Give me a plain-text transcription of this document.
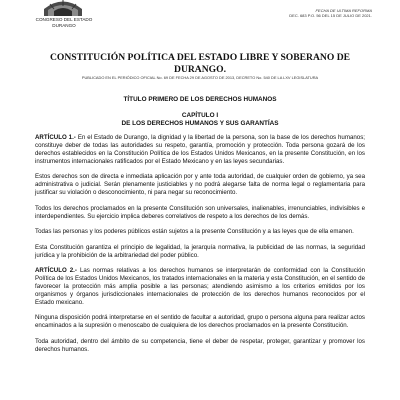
CONGRESO DEL ESTADO
DURANGO
FECHA DE ULTIMA REFORMA
DEC. 683 P.O. 56 DEL 15 DE JULIO DE 2021.
CONSTITUCIÓN POLÍTICA DEL ESTADO LIBRE Y SOBERANO DE
DURANGO.
PUBLICADO EN EL PERIÓDICO OFICIAL No. 69 DE FECHA 29 DE AGOSTO DE 2013, DECRETO No. 540 DE LA LXV LEGISLATURA
TÍTULO PRIMERO DE LOS DERECHOS HUMANOS
CAPÍTULO I
DE LOS DERECHOS HUMANOS Y SUS GARANTÍAS

ARTÍCULO 1.- En el Estado de Durango, la dignidad y la libertad de la persona, son la base de los derechos humanos; constituye deber de todas las autoridades su respeto, garantía, promoción y protección. Toda persona gozará de los derechos establecidos en la Constitución Política de los Estados Unidos Mexicanos, en la presente Constitución, en los instrumentos internacionales ratificados por el Estado Mexicano y en las leyes secundarias.

Estos derechos son de directa e inmediata aplicación por y ante toda autoridad, de cualquier orden de gobierno, ya sea administrativa o judicial. Serán plenamente justiciables y no podrá alegarse falta de norma legal o reglamentaria para justificar su violación o desconocimiento, ni para negar su reconocimiento.

Todos los derechos proclamados en la presente Constitución son universales, inalienables, irrenunciables, indivisibles e interdependientes. Su ejercicio implica deberes correlativos de respeto a los derechos de los demás.

Todas las personas y los poderes públicos están sujetos a la presente Constitución y a las leyes que de ella emanen.

Esta Constitución garantiza el principio de legalidad, la jerarquía normativa, la publicidad de las normas, la seguridad jurídica y la prohibición de la arbitrariedad del poder público.

ARTÍCULO 2.- Las normas relativas a los derechos humanos se interpretarán de conformidad con la Constitución Política de los Estados Unidos Mexicanos, los tratados internacionales en la materia y esta Constitución, en el sentido de favorecer la protección más amplia posible a las personas; atendiendo asimismo a los criterios emitidos por los organismos y órganos jurisdiccionales internacionales de protección de los derechos humanos reconocidos por el Estado mexicano.

Ninguna disposición podrá interpretarse en el sentido de facultar a autoridad, grupo o persona alguna para realizar actos encaminados a la supresión o menoscabo de cualquiera de los derechos proclamados en la presente Constitución.

Toda autoridad, dentro del ámbito de su competencia, tiene el deber de respetar, proteger, garantizar y promover los derechos humanos.
